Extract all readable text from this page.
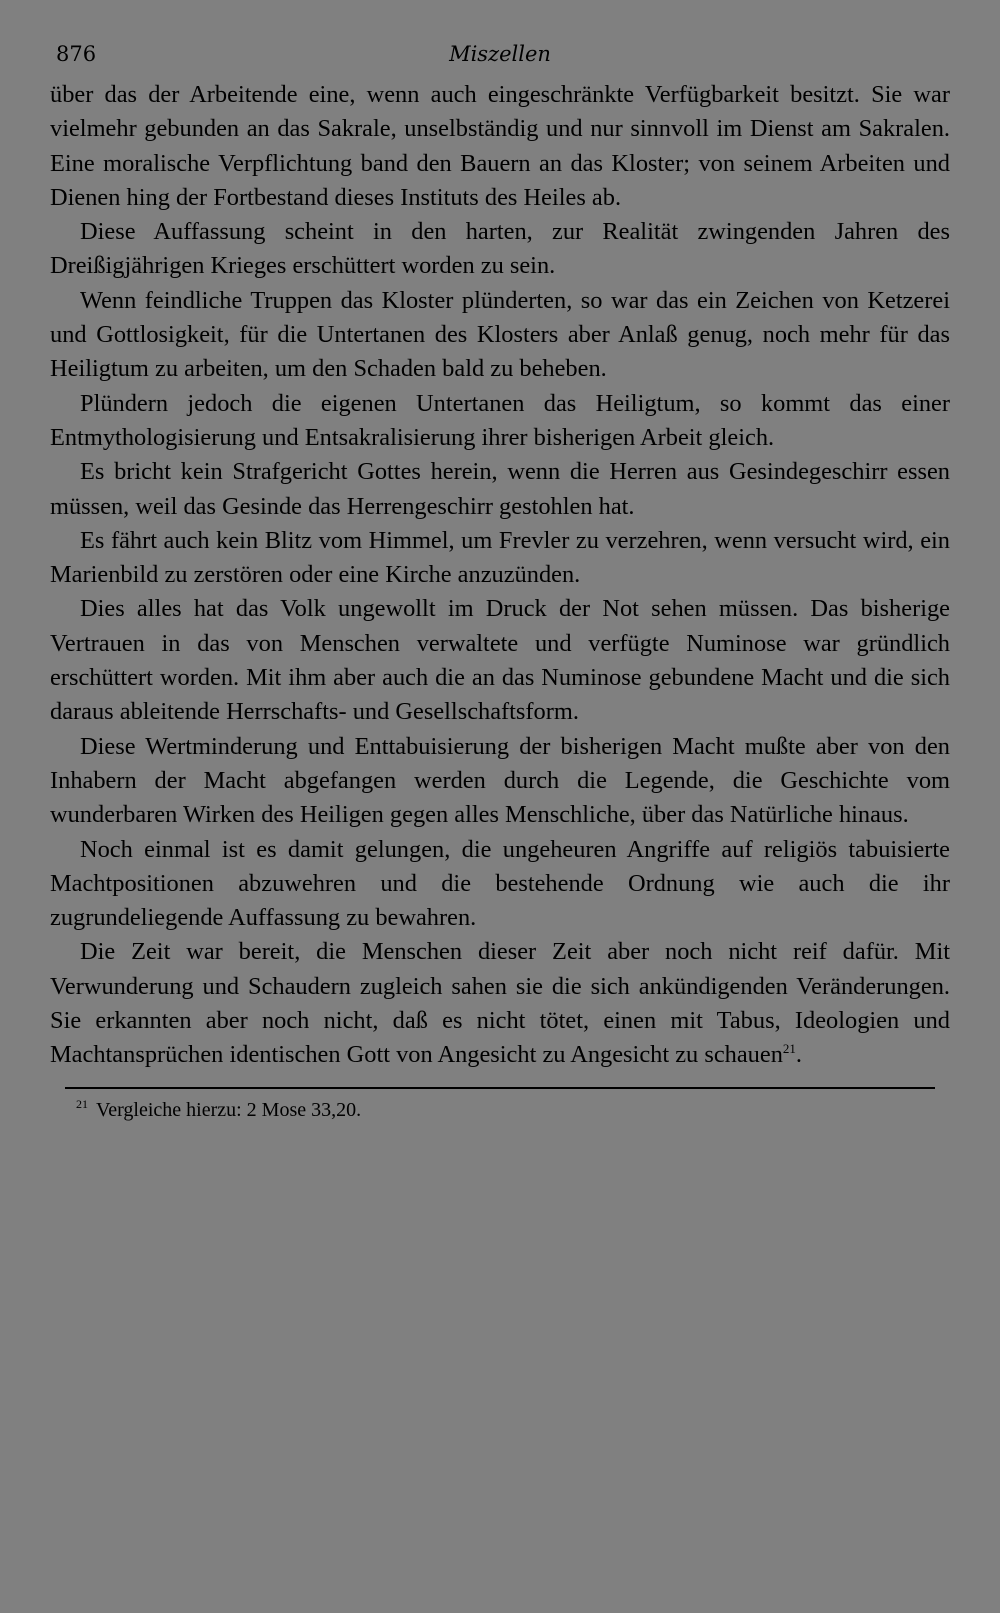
876	Miszellen

über das der Arbeitende eine, wenn auch eingeschränkte Verfügbarkeit besitzt. Sie war vielmehr gebunden an das Sakrale, unselbständig und nur sinnvoll im Dienst am Sakralen. Eine moralische Verpflichtung band den Bauern an das Kloster; von seinem Arbeiten und Dienen hing der Fortbestand dieses Instituts des Heiles ab.

Diese Auffassung scheint in den harten, zur Realität zwingenden Jahren des Dreißigjährigen Krieges erschüttert worden zu sein.

Wenn feindliche Truppen das Kloster plünderten, so war das ein Zeichen von Ketzerei und Gottlosigkeit, für die Untertanen des Klosters aber Anlaß genug, noch mehr für das Heiligtum zu arbeiten, um den Schaden bald zu beheben.

Plündern jedoch die eigenen Untertanen das Heiligtum, so kommt das einer Entmythologisierung und Entsakralisierung ihrer bisherigen Arbeit gleich.

Es bricht kein Strafgericht Gottes herein, wenn die Herren aus Gesindegeschirr essen müssen, weil das Gesinde das Herrengeschirr gestohlen hat.

Es fährt auch kein Blitz vom Himmel, um Frevler zu verzehren, wenn versucht wird, ein Marienbild zu zerstören oder eine Kirche anzuzünden.

Dies alles hat das Volk ungewollt im Druck der Not sehen müssen. Das bisherige Vertrauen in das von Menschen verwaltete und verfügte Numinose war gründlich erschüttert worden. Mit ihm aber auch die an das Numinose gebundene Macht und die sich daraus ableitende Herrschafts- und Gesellschaftsform.

Diese Wertminderung und Enttabuisierung der bisherigen Macht mußte aber von den Inhabern der Macht abgefangen werden durch die Legende, die Geschichte vom wunderbaren Wirken des Heiligen gegen alles Menschliche, über das Natürliche hinaus.

Noch einmal ist es damit gelungen, die ungeheuren Angriffe auf religiös tabuisierte Machtpositionen abzuwehren und die bestehende Ordnung wie auch die ihr zugrundeliegende Auffassung zu bewahren.

Die Zeit war bereit, die Menschen dieser Zeit aber noch nicht reif dafür. Mit Verwunderung und Schaudern zugleich sahen sie die sich ankündigenden Veränderungen. Sie erkannten aber noch nicht, daß es nicht tötet, einen mit Tabus, Ideologien und Machtansprüchen identischen Gott von Angesicht zu Angesicht zu schauen$^{21}$.

$^{21}$ Vergleiche hierzu: 2 Mose 33,20.
